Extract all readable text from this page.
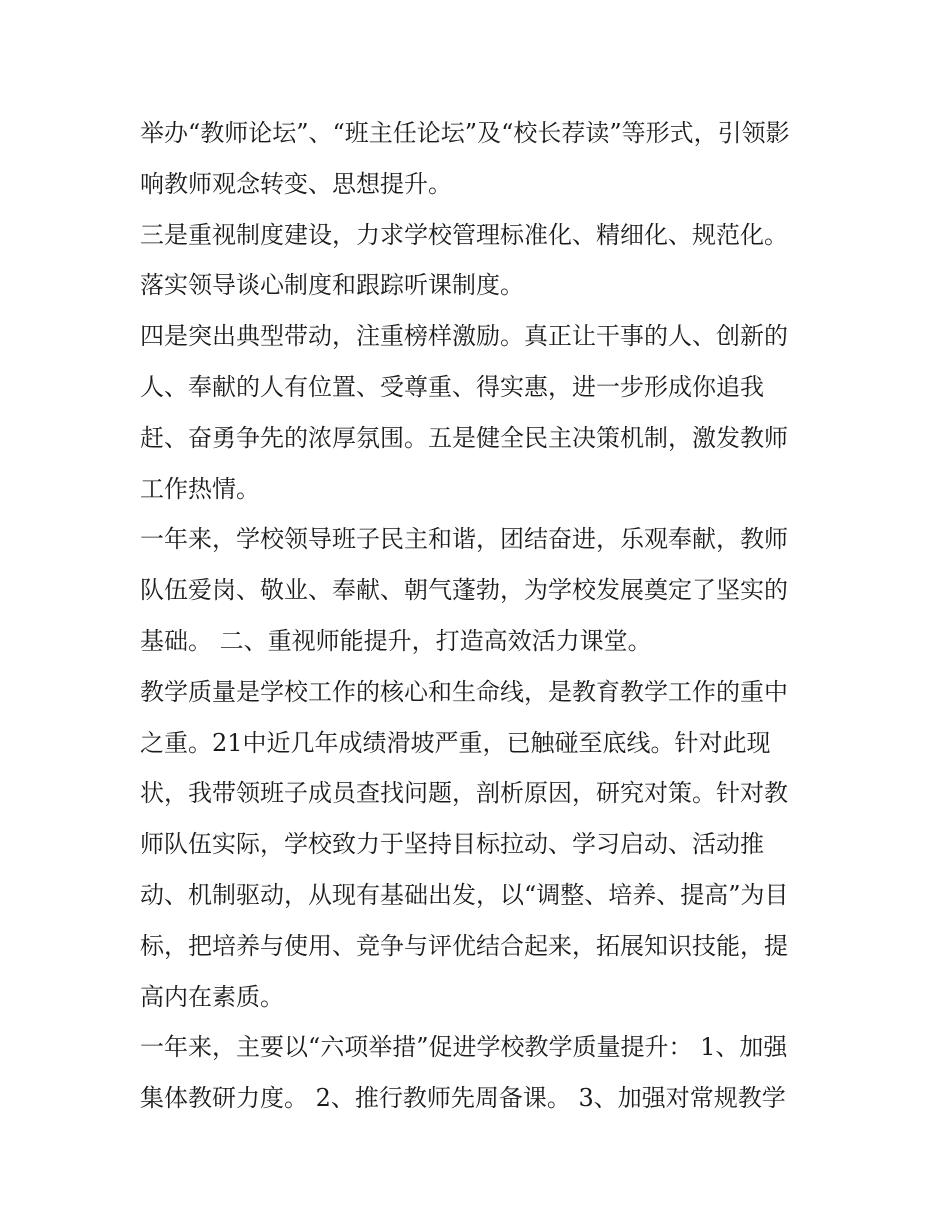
举办“教师论坛”、“班主任论坛”及“校长荐读”等形式，引领影
响教师观念转变、思想提升。

三是重视制度建设，力求学校管理标准化、精细化、规范化。
落实领导谈心制度和跟踪听课制度。

四是突出典型带动，注重榜样激励。真正让干事的人、创新的
人、奉献的人有位置、受尊重、得实惠，进一步形成你追我
赶、奋勇争先的浓厚氛围。五是健全民主决策机制，激发教师
工作热情。

一年来，学校领导班子民主和谐，团结奋进，乐观奉献，教师
队伍爱岗、敬业、奉献、朝气蓬勃，为学校发展奠定了坚实的
基础。 二、重视师能提升，打造高效活力课堂。

教学质量是学校工作的核心和生命线，是教育教学工作的重中
之重。21中近几年成绩滑坡严重，已触碰至底线。针对此现
状，我带领班子成员查找问题，剖析原因，研究对策。针对教
师队伍实际，学校致力于坚持目标拉动、学习启动、活动推
动、机制驱动，从现有基础出发，以“调整、培养、提高”为目
标，把培养与使用、竞争与评优结合起来，拓展知识技能，提
高内在素质。

一年来，主要以“六项举措”促进学校教学质量提升： 1、加强
集体教研力度。 2、推行教师先周备课。 3、加强对常规教学
